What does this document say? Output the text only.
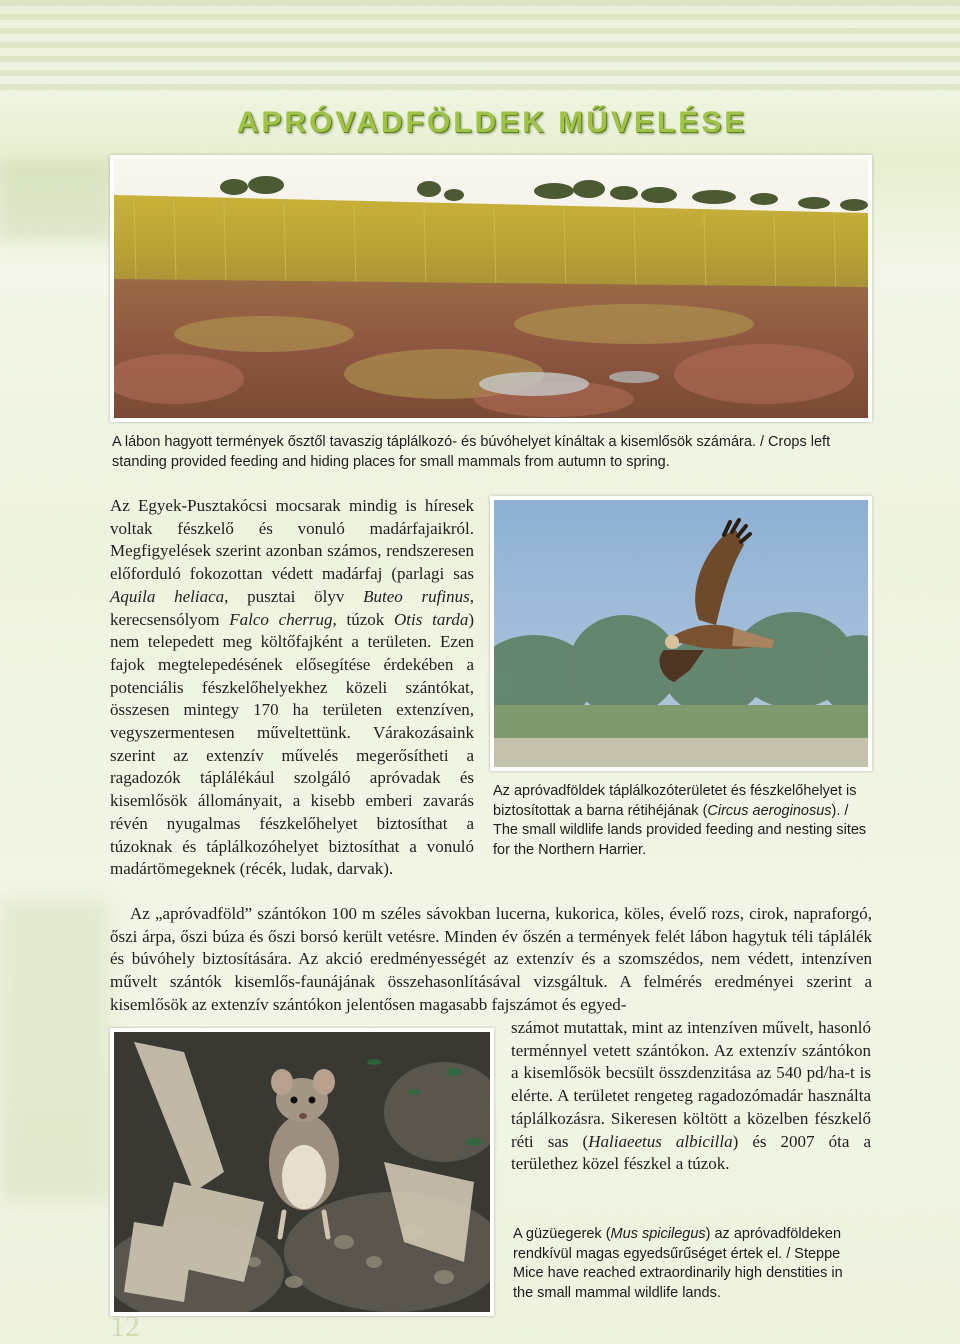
APRÓVADFÖLDEK MŰVELÉSE
A lábon hagyott termények ősztől tavaszig táplálkozó- és búvóhelyet kínáltak a kisemlősök számára. / Crops left standing provided feeding and hiding places for small mammals from autumn to spring.
Az apróvadföldek táplálkozóterületet és fészkelőhelyet is biztosítottak a barna rétihéjának (Circus aeroginosus). / The small wildlife lands provided feeding and nesting sites for the Northern Harrier.

Az Egyek-Pusztakócsi mocsarak mindig is híresek voltak fészkelő és vonuló madárfajaikról. Megfigyelések szerint azonban számos, rendszeresen előforduló fokozottan védett madárfaj (parlagi sas Aquila heliaca, pusztai ölyv Buteo rufinus, kerecsensólyom Falco cherrug, túzok Otis tarda) nem telepedett meg költőfajként a területen. Ezen fajok megtelepedésének elősegítése érdekében a potenciális fészkelőhelyekhez közeli szántókat, összesen mintegy 170 ha területen extenzíven, vegyszermentesen műveltettünk. Várakozásaink szerint az extenzív művelés megerősítheti a ragadozók táplálékául szolgáló apróvadak és kisemlősök állományait, a kisebb emberi zavarás révén nyugalmas fészkelőhelyet biztosíthat a túzoknak és táplálkozóhelyet biztosíthat a vonuló madártömegeknek (récék, ludak, darvak).

Az „apróvadföld” szántókon 100 m széles sávokban lucerna, kukorica, köles, évelő rozs, cirok, napraforgó, őszi árpa, őszi búza és őszi borsó került vetésre. Minden év őszén a termények felét lábon hagytuk téli táplálék és búvóhely biztosítására. Az akció eredményességét az extenzív és a szomszédos, nem védett, intenzíven művelt szántók kisemlős-faunájának összehasonlításával vizsgáltuk. A felmérés eredményei szerint a kisemlősök az extenzív szántókon jelentősen magasabb fajszámot és egyed-

számot mutattak, mint az intenzíven művelt, hasonló terménnyel vetett szántókon. Az extenzív szántókon a kisemlősök becsült összdenzitása az 540 pd/ha-t is elérte. A területet rengeteg ragadozómadár használta táplálkozásra. Sikeresen költött a közelben fészkelő réti sas (Haliaeetus albicilla) és 2007 óta a területhez közel fészkel a túzok.

A güzüegerek (Mus spicilegus) az apróvadföldeken rendkívül magas egyedsűrűséget értek el. / Steppe Mice have reached extraordinarily high denstities in the small mammal wildlife lands.
12
